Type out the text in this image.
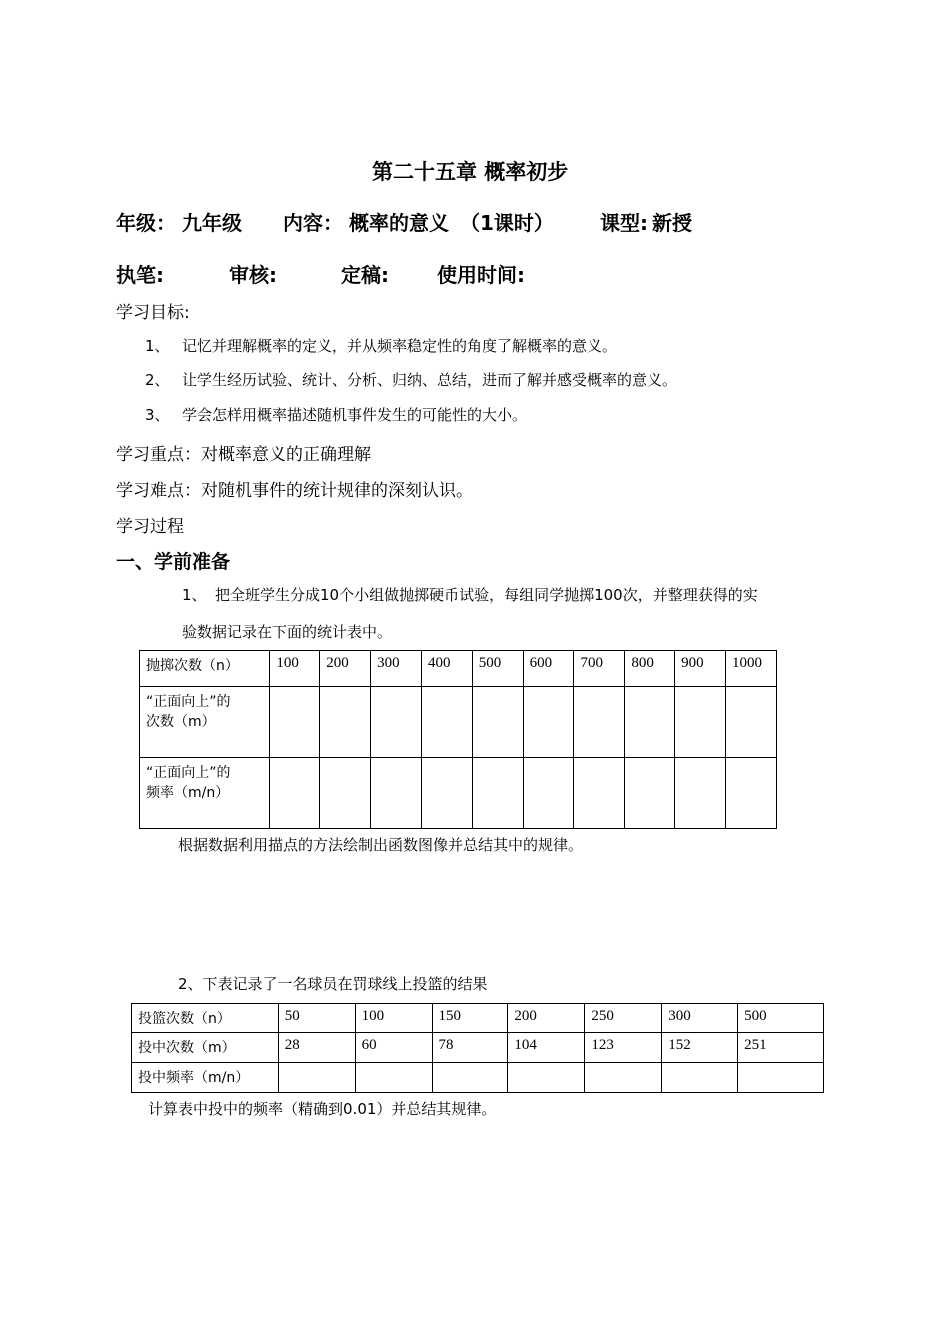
第二十五章 概率初步
年级： 九年级 内容： 概率的意义 （1课时） 课型: 新授
执笔:	审核:	定稿: 使用时间:
学习目标:
1、 记忆并理解概率的定义，并从频率稳定性的角度了解概率的意义。
2、 让学生经历试验、统计、分析、归纳、总结，进而了解并感受概率的意义。
3、 学会怎样用概率描述随机事件发生的可能性的大小。
学习重点：对概率意义的正确理解
学习难点：对随机事件的统计规律的深刻认识。
学习过程
一、学前准备
1、 把全班学生分成10个小组做抛掷硬币试验，每组同学抛掷100次，并整理获得的实
验数据记录在下面的统计表中。
抛掷次数（n）	100	200	300	400	500	600	700	800	900	1000

“正面向上”的
次数（m）										

“正面向上”的
频率（m/n）										

根据数据利用描点的方法绘制出函数图像并总结其中的规律。
2、下表记录了一名球员在罚球线上投篮的结果
投篮次数（n）	50	100	150	200	250	300	500
投中次数（m）	28	60	78	104	123	152	251
投中频率（m/n）							
计算表中投中的频率（精确到0.01）并总结其规律。
